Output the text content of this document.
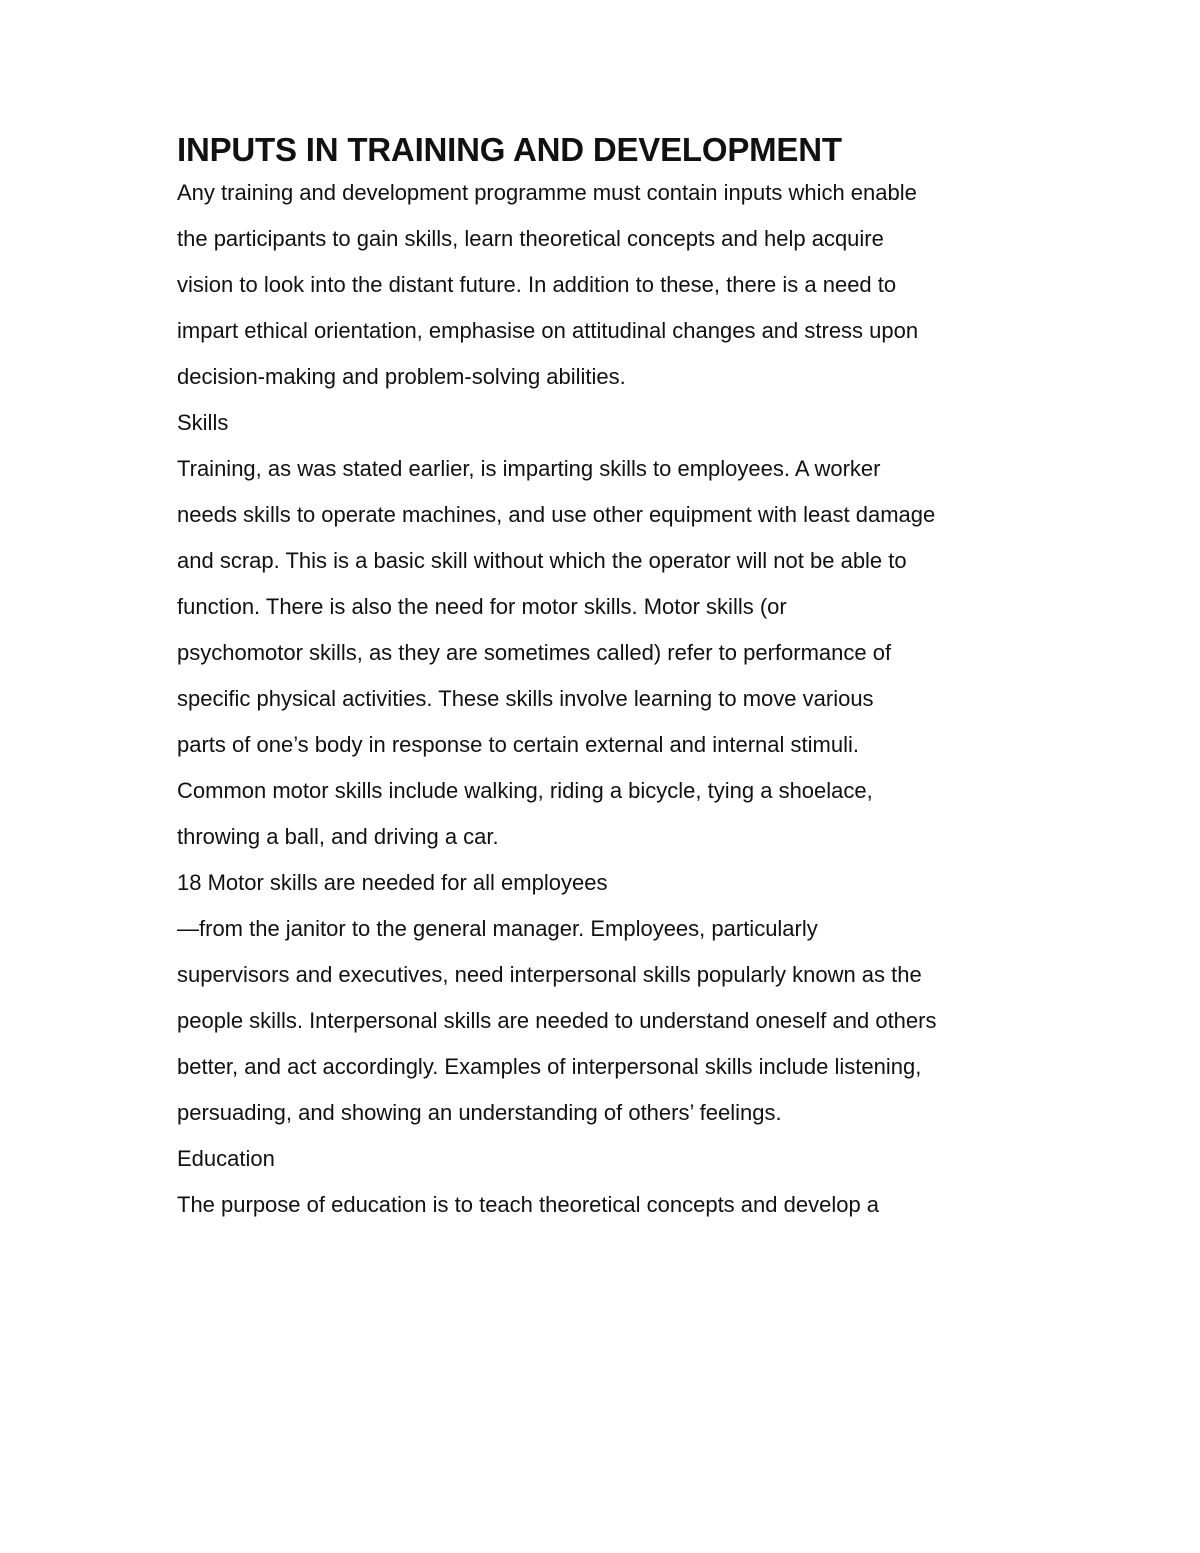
INPUTS IN TRAINING AND DEVELOPMENT

Any training and development programme must contain inputs which enable

the participants to gain skills, learn theoretical concepts and help acquire

vision to look into the distant future. In addition to these, there is a need to

impart ethical orientation, emphasise on attitudinal changes and stress upon

decision-making and problem-solving abilities.

Skills

Training, as was stated earlier, is imparting skills to employees. A worker

needs skills to operate machines, and use other equipment with least damage

and scrap. This is a basic skill without which the operator will not be able to

function. There is also the need for motor skills. Motor skills (or

psychomotor skills, as they are sometimes called) refer to performance of

specific physical activities. These skills involve learning to move various

parts of one’s body in response to certain external and internal stimuli.

Common motor skills include walking, riding a bicycle, tying a shoelace,

throwing a ball, and driving a car.

18 Motor skills are needed for all employees

—from the janitor to the general manager. Employees, particularly

supervisors and executives, need interpersonal skills popularly known as the

people skills. Interpersonal skills are needed to understand oneself and others

better, and act accordingly. Examples of interpersonal skills include listening,

persuading, and showing an understanding of others’ feelings.

Education

The purpose of education is to teach theoretical concepts and develop a
